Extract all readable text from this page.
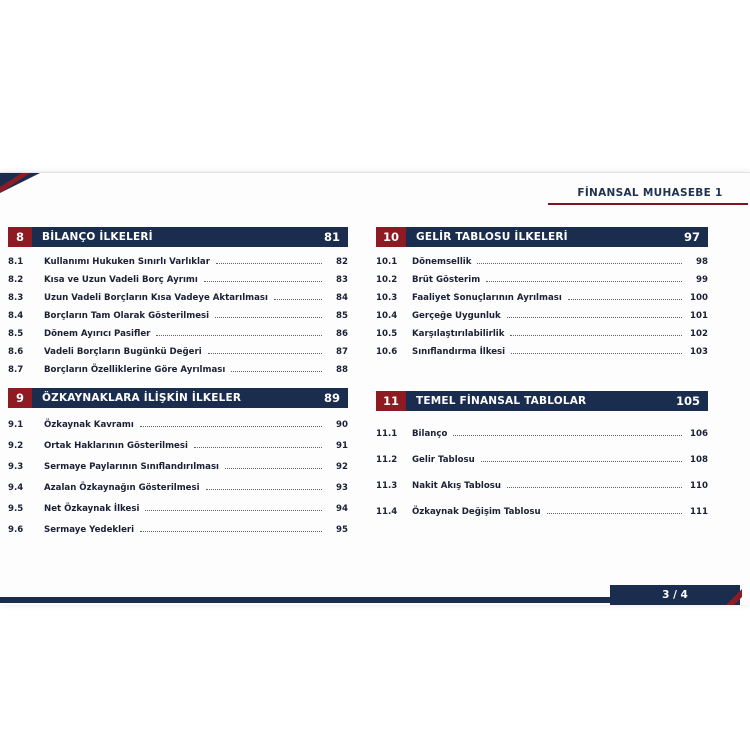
FİNANSAL MUHASEBE 1
8	BİLANÇO İLKELERİ	81
8.1	Kullanımı Hukuken Sınırlı Varlıklar	82
8.2	Kısa ve Uzun Vadeli Borç Ayrımı	83
8.3	Uzun Vadeli Borçların Kısa Vadeye Aktarılması	84
8.4	Borçların Tam Olarak Gösterilmesi	85
8.5	Dönem Ayırıcı Pasifler	86
8.6	Vadeli Borçların Bugünkü Değeri	87
8.7	Borçların Özelliklerine Göre Ayrılması	88
9	ÖZKAYNAKLARA İLİŞKİN İLKELER	89
9.1	Özkaynak Kavramı	90
9.2	Ortak Haklarının Gösterilmesi	91
9.3	Sermaye Paylarının Sınıflandırılması	92
9.4	Azalan Özkaynağın Gösterilmesi	93
9.5	Net Özkaynak İlkesi	94
9.6	Sermaye Yedekleri	95
10	GELİR TABLOSU İLKELERİ	97
10.1	Dönemsellik	98
10.2	Brüt Gösterim	99
10.3	Faaliyet Sonuçlarının Ayrılması	100
10.4	Gerçeğe Uygunluk	101
10.5	Karşılaştırılabilirlik	102
10.6	Sınıflandırma İlkesi	103
11	TEMEL FİNANSAL TABLOLAR	105
11.1	Bilanço	106
11.2	Gelir Tablosu	108
11.3	Nakit Akış Tablosu	110
11.4	Özkaynak Değişim Tablosu	111
3 / 4
